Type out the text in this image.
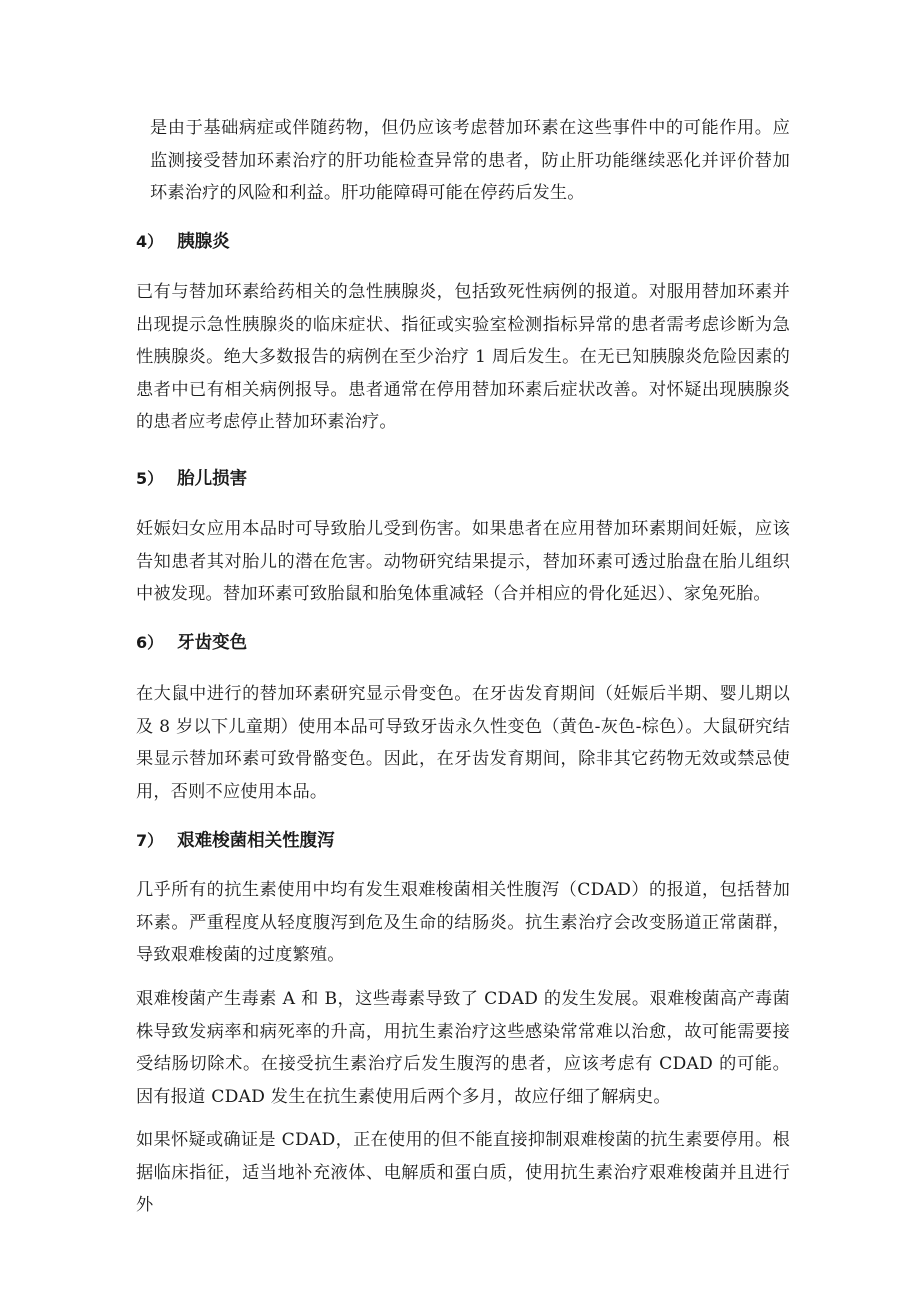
是由于基础病症或伴随药物，但仍应该考虑替加环素在这些事件中的可能作用。应监测接受替加环素治疗的肝功能检查异常的患者，防止肝功能继续恶化并评价替加环素治疗的风险和利益。肝功能障碍可能在停药后发生。

4） 胰腺炎

已有与替加环素给药相关的急性胰腺炎，包括致死性病例的报道。对服用替加环素并出现提示急性胰腺炎的临床症状、指征或实验室检测指标异常的患者需考虑诊断为急性胰腺炎。绝大多数报告的病例在至少治疗 1 周后发生。在无已知胰腺炎危险因素的患者中已有相关病例报导。患者通常在停用替加环素后症状改善。对怀疑出现胰腺炎的患者应考虑停止替加环素治疗。

5） 胎儿损害

妊娠妇女应用本品时可导致胎儿受到伤害。如果患者在应用替加环素期间妊娠，应该告知患者其对胎儿的潜在危害。动物研究结果提示，替加环素可透过胎盘在胎儿组织中被发现。替加环素可致胎鼠和胎兔体重减轻（合并相应的骨化延迟）、家兔死胎。

6） 牙齿变色

在大鼠中进行的替加环素研究显示骨变色。在牙齿发育期间（妊娠后半期、婴儿期以及 8 岁以下儿童期）使用本品可导致牙齿永久性变色（黄色-灰色-棕色）。大鼠研究结果显示替加环素可致骨骼变色。因此，在牙齿发育期间，除非其它药物无效或禁忌使用，否则不应使用本品。

7） 艰难梭菌相关性腹泻

几乎所有的抗生素使用中均有发生艰难梭菌相关性腹泻（CDAD）的报道，包括替加环素。严重程度从轻度腹泻到危及生命的结肠炎。抗生素治疗会改变肠道正常菌群，导致艰难梭菌的过度繁殖。

艰难梭菌产生毒素 A 和 B，这些毒素导致了 CDAD 的发生发展。艰难梭菌高产毒菌株导致发病率和病死率的升高，用抗生素治疗这些感染常常难以治愈，故可能需要接受结肠切除术。在接受抗生素治疗后发生腹泻的患者，应该考虑有 CDAD 的可能。因有报道 CDAD 发生在抗生素使用后两个多月，故应仔细了解病史。

如果怀疑或确证是 CDAD，正在使用的但不能直接抑制艰难梭菌的抗生素要停用。根据临床指征，适当地补充液体、电解质和蛋白质，使用抗生素治疗艰难梭菌并且进行外
